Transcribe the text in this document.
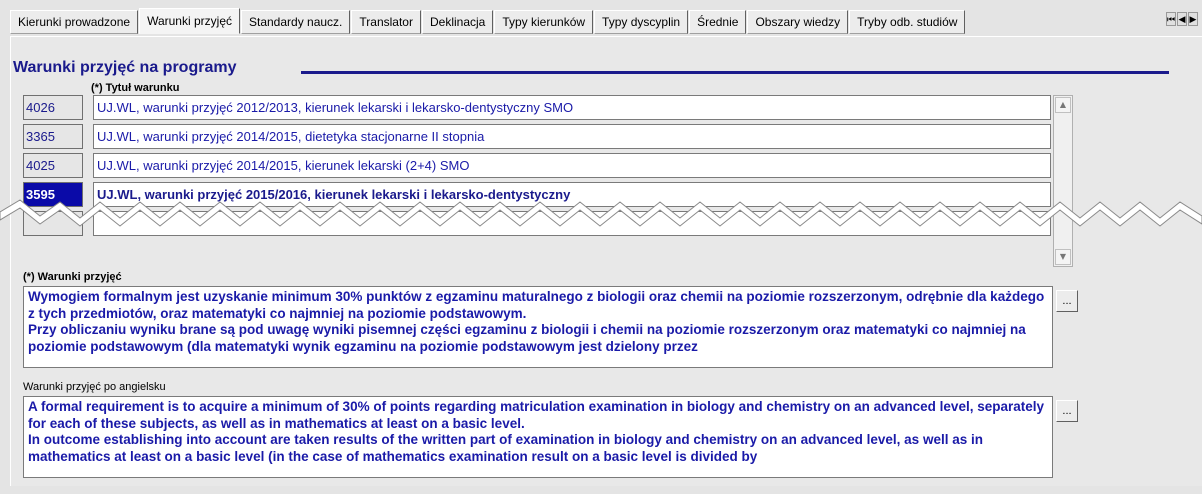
Kierunki prowadzone	Warunki przyjęć	Standardy naucz.	Translator	Deklinacja	Typy kierunków	Typy dyscyplin	Średnie	Obszary wiedzy	Tryby odb. studiów	⏮ ◀ ▶
Warunki przyjęć na programy
(*) Tytuł warunku
4026	UJ.WL, warunki przyjęć 2012/2013, kierunek lekarski i lekarsko-dentystyczny SMO
3365	UJ.WL, warunki przyjęć 2014/2015, dietetyka stacjonarne II stopnia
4025	UJ.WL, warunki przyjęć 2014/2015, kierunek lekarski (2+4) SMO
3595	UJ.WL, warunki przyjęć 2015/2016, kierunek lekarski i lekarsko-dentystyczny
▲
▼
(*) Warunki przyjęć
Wymogiem formalnym jest uzyskanie minimum 30% punktów z egzaminu maturalnego z biologii oraz chemii na poziomie rozszerzonym, odrębnie dla każdego z tych przedmiotów, oraz matematyki co najmniej na poziomie podstawowym.
Przy obliczaniu wyniku brane są pod uwagę wyniki pisemnej części egzaminu z biologii i chemii na poziomie rozszerzonym oraz matematyki co najmniej na poziomie podstawowym (dla matematyki wynik egzaminu na poziomie podstawowym jest dzielony przez
...
Warunki przyjęć po angielsku
A formal requirement is to acquire a minimum of 30% of points regarding matriculation examination in biology and chemistry on an advanced level, separately for each of these subjects, as well as in mathematics at least on a basic level.
In outcome establishing into account are taken results of the written part of examination in biology and chemistry on an advanced level, as well as in mathematics at least on a basic level (in the case of mathematics examination result on a basic level is divided by
...
